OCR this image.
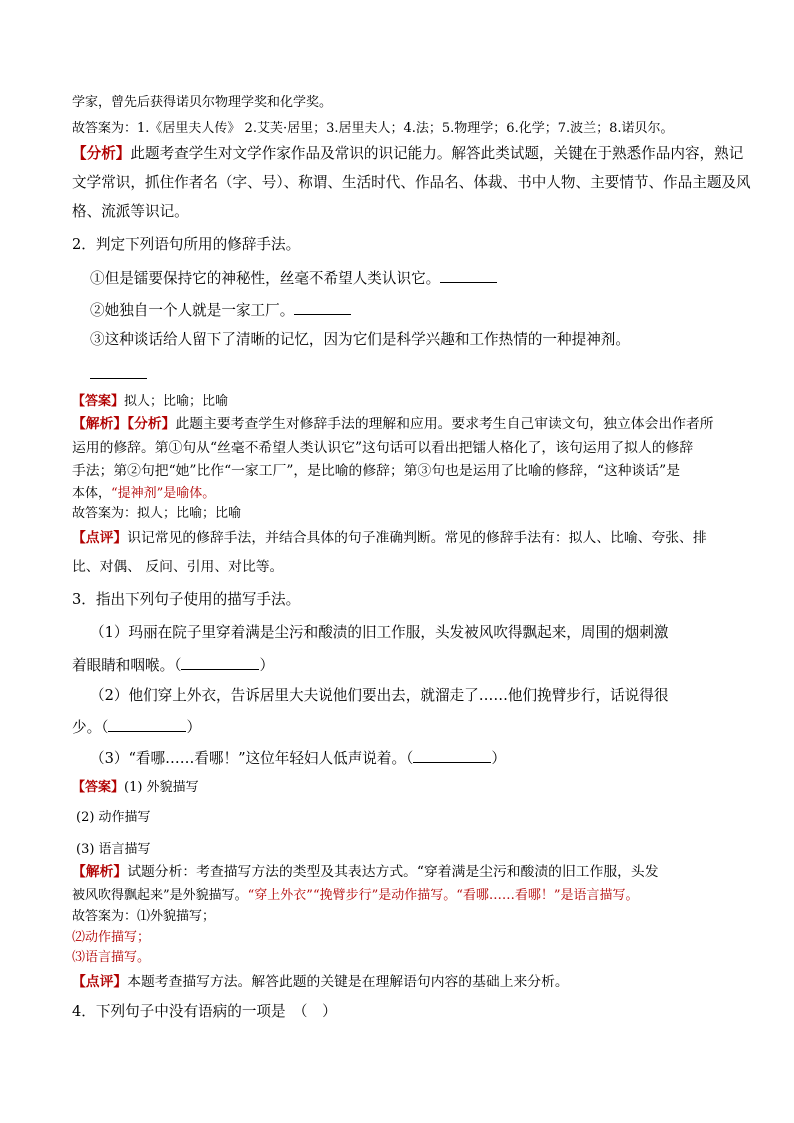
学家，曾先后获得诺贝尔物理学奖和化学奖。
故答案为：1.《居里夫人传》 2.艾芙·居里；3.居里夫人；4.法；5.物理学；6.化学；7.波兰；8.诺贝尔。
【分析】此题考查学生对文学作家作品及常识的识记能力。解答此类试题，关键在于熟悉作品内容，熟记
文学常识，抓住作者名（字、号）、称谓、生活时代、作品名、体裁、书中人物、主要情节、作品主题及风
格、流派等识记。
2．判定下列语句所用的修辞手法。
①但是镭要保持它的神秘性，丝毫不希望人类认识它。
②她独自一个人就是一家工厂。
③这种谈话给人留下了清晰的记忆，因为它们是科学兴趣和工作热情的一种提神剂。
【答案】拟人；比喻；比喻
【解析】【分析】此题主要考查学生对修辞手法的理解和应用。要求考生自己审读文句，独立体会出作者所
运用的修辞。第①句从“丝毫不希望人类认识它”这句话可以看出把镭人格化了，该句运用了拟人的修辞
手法；第②句把“她”比作“一家工厂”，是比喻的修辞；第③句也是运用了比喻的修辞，“这种谈话”是
本体，“提神剂”是喻体。
故答案为：拟人；比喻；比喻
【点评】识记常见的修辞手法，并结合具体的句子准确判断。常见的修辞手法有：拟人、比喻、夸张、排
比、对偶、 反问、引用、对比等。
3．指出下列句子使用的描写手法。
（1）玛丽在院子里穿着满是尘污和酸渍的旧工作服，头发被风吹得飘起来，周围的烟刺激
着眼睛和咽喉。（	）
（2）他们穿上外衣，告诉居里大夫说他们要出去，就溜走了……他们挽臂步行，话说得很
少。（	）
（3）“看哪……看哪！”这位年轻妇人低声说着。（	）
【答案】(1) 外貌描写
(2) 动作描写
(3) 语言描写
【解析】试题分析：考查描写方法的类型及其表达方式。“穿着满是尘污和酸渍的旧工作服，头发
被风吹得飘起来”是外貌描写。“穿上外衣”“挽臂步行”是动作描写。“看哪……看哪！”是语言描写。
故答案为：⑴外貌描写；
⑵动作描写；
⑶语言描写。
【点评】本题考查描写方法。解答此题的关键是在理解语句内容的基础上来分析。
4．下列句子中没有语病的一项是　（　）
